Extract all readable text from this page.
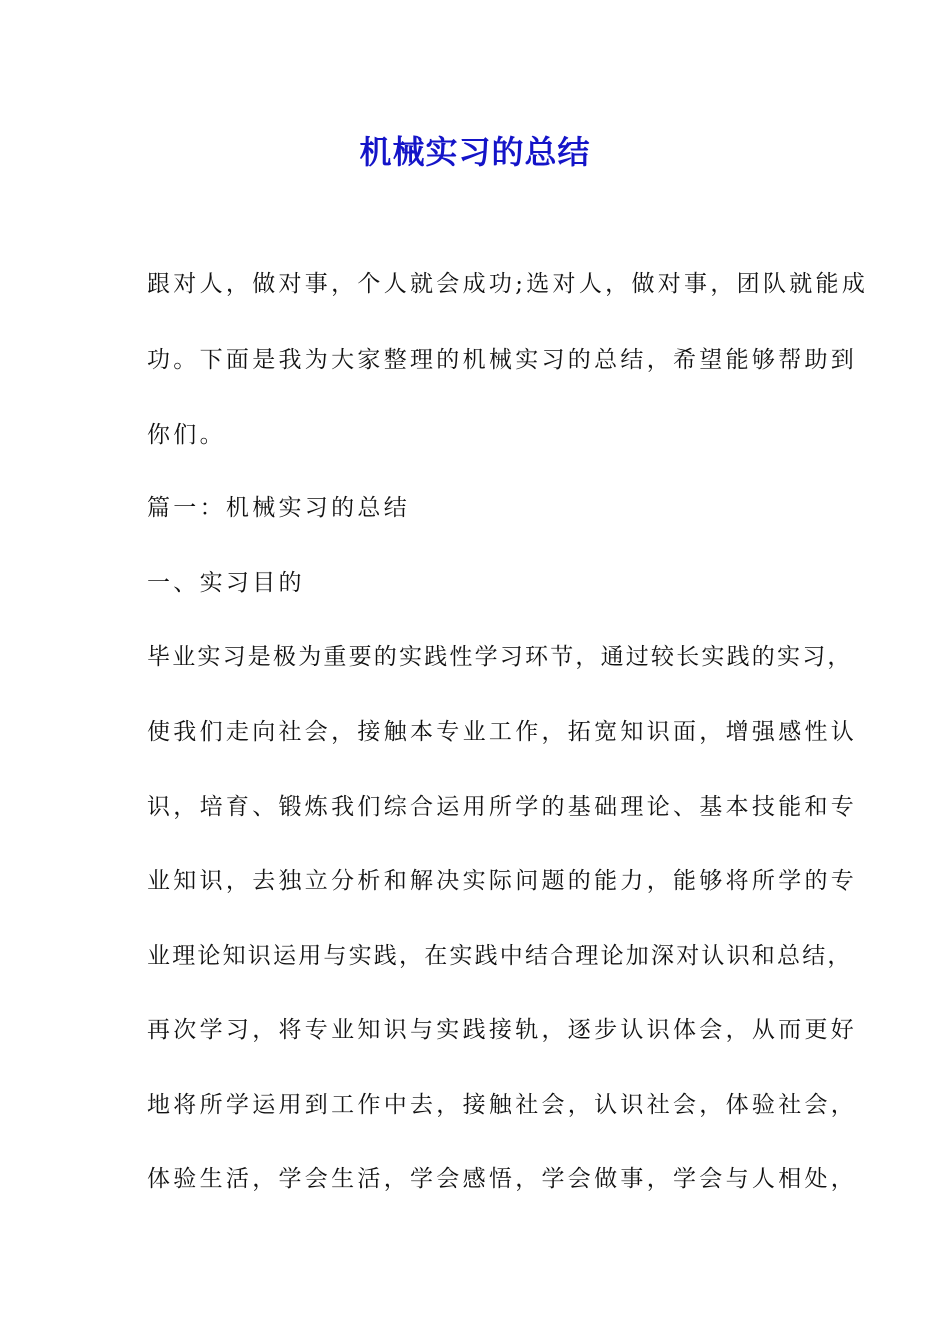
机械实习的总结

跟对人，做对事，个人就会成功;选对人，做对事，团队就能成

功。下面是我为大家整理的机械实习的总结，希望能够帮助到

你们。

篇一：机械实习的总结

一、实习目的

毕业实习是极为重要的实践性学习环节，通过较长实践的实习，

使我们走向社会，接触本专业工作，拓宽知识面，增强感性认

识，培育、锻炼我们综合运用所学的基础理论、基本技能和专

业知识，去独立分析和解决实际问题的能力，能够将所学的专

业理论知识运用与实践，在实践中结合理论加深对认识和总结，

再次学习，将专业知识与实践接轨，逐步认识体会，从而更好

地将所学运用到工作中去，接触社会，认识社会，体验社会，

体验生活，学会生活，学会感悟，学会做事，学会与人相处，
